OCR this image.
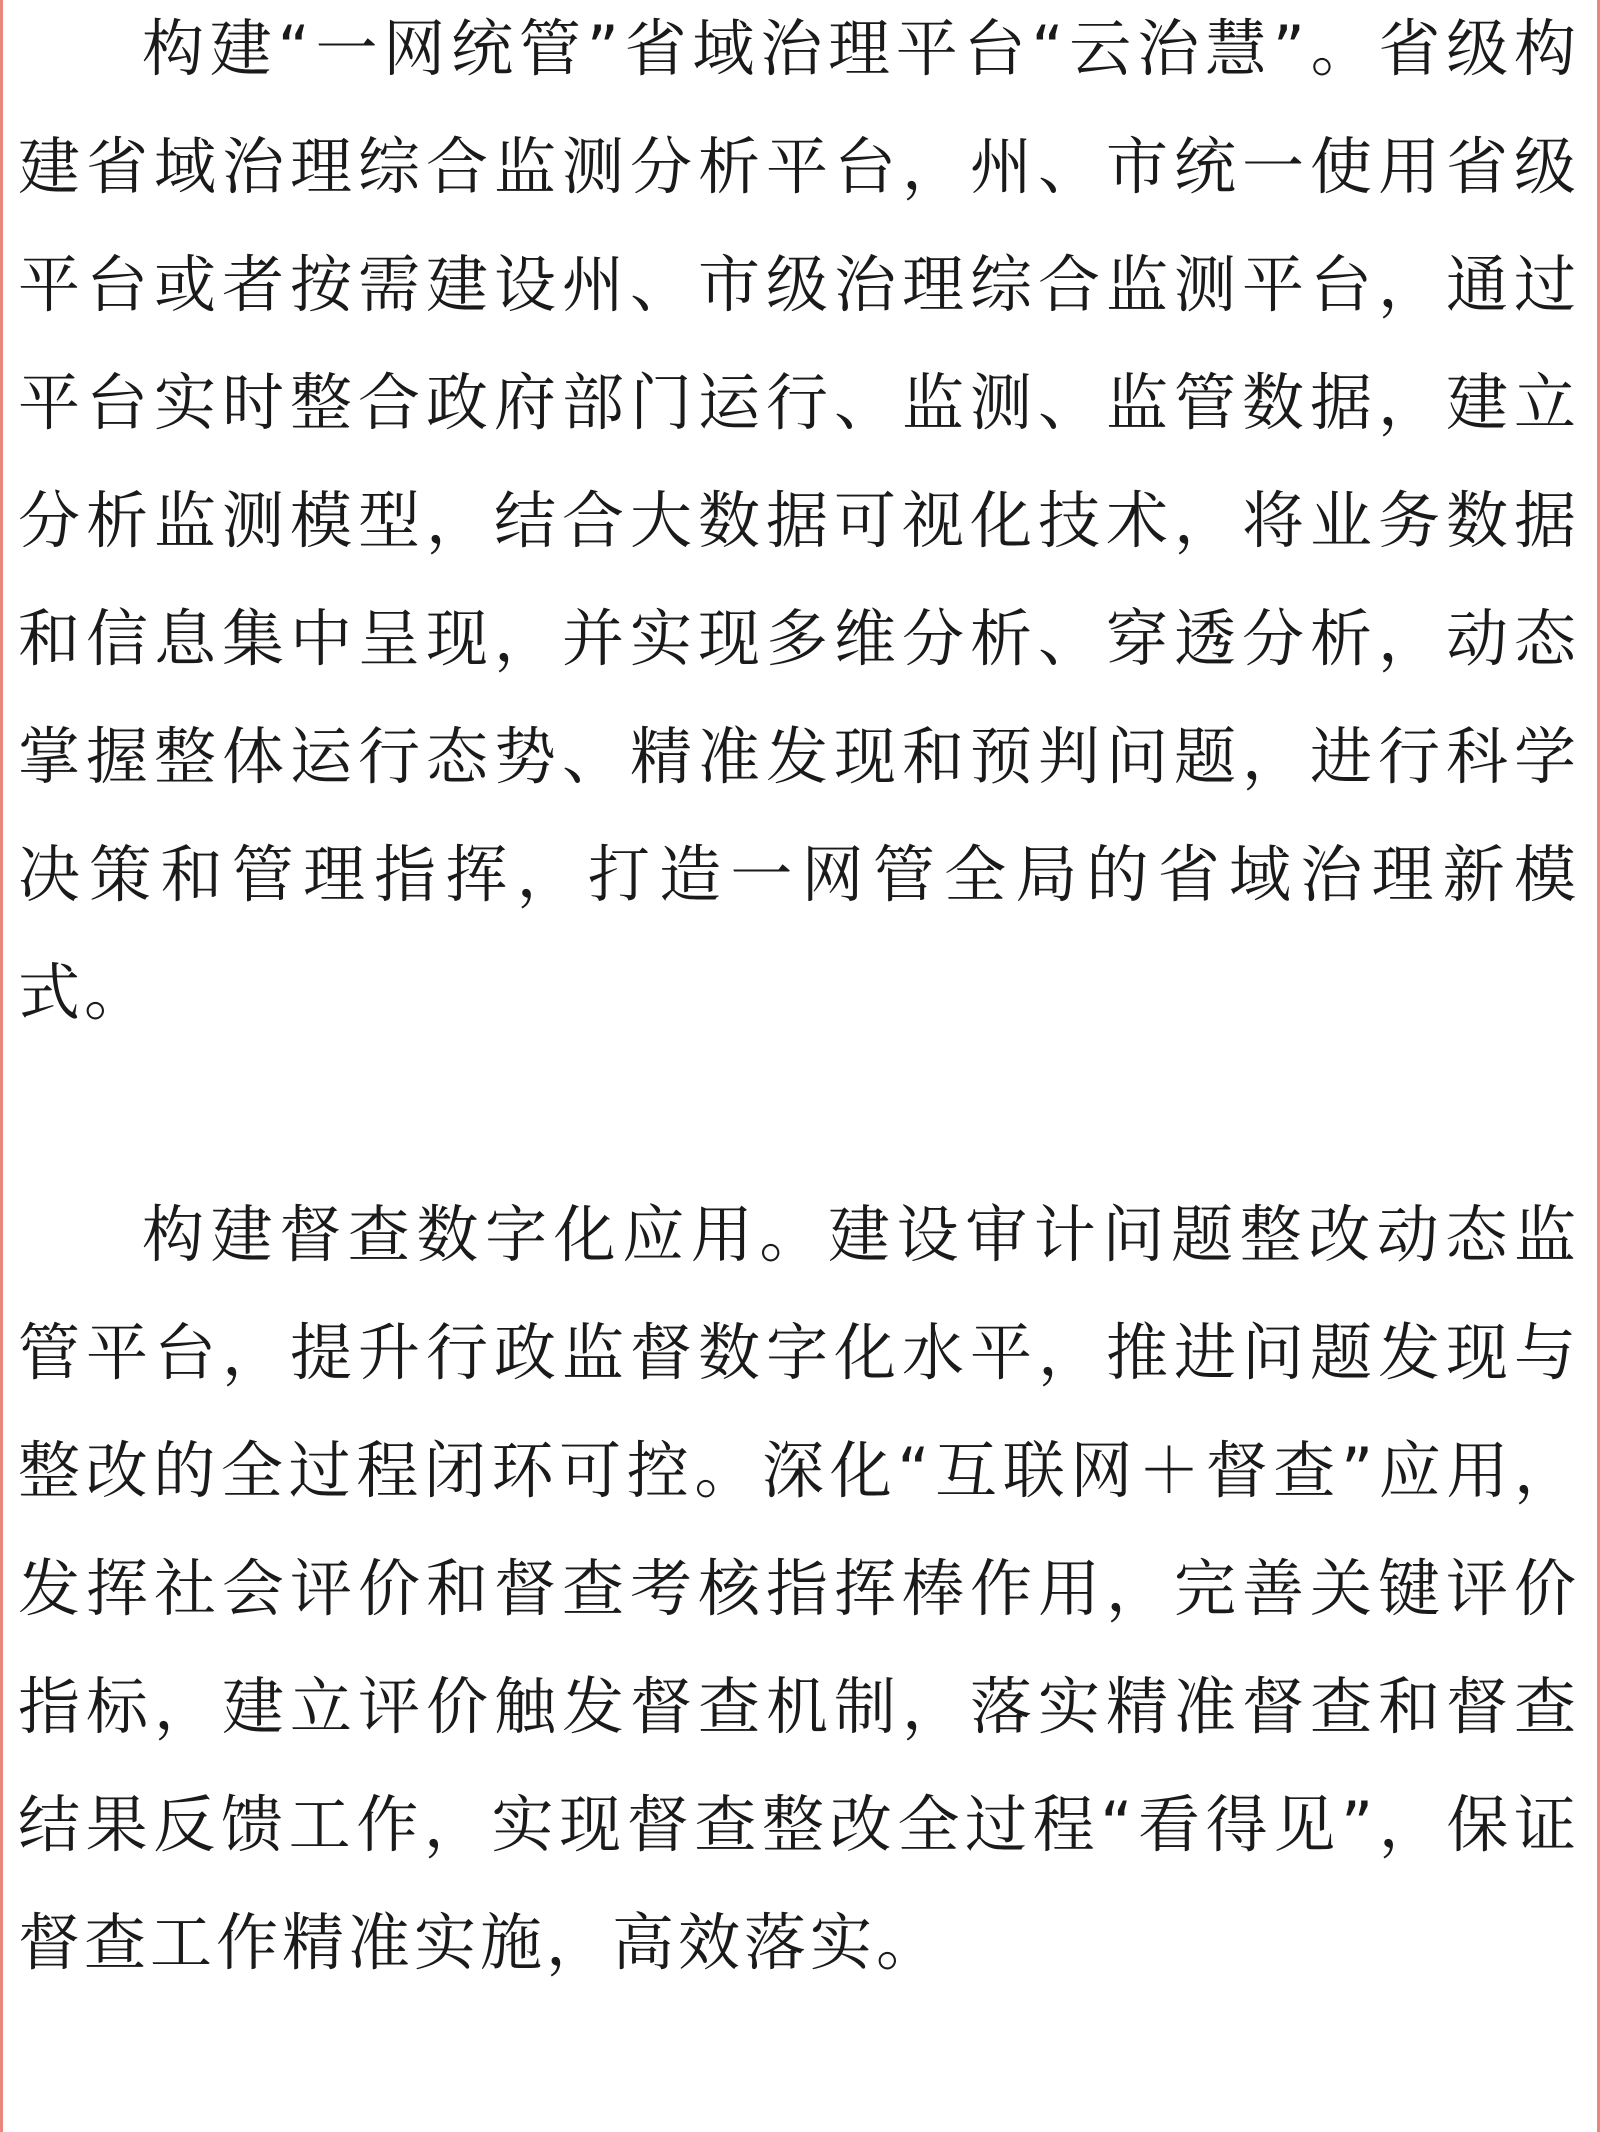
构建“一网统管”省域治理平台“云治慧”。省级构建省域治理综合监测分析平台，州、市统一使用省级平台或者按需建设州、市级治理综合监测平台，通过平台实时整合政府部门运行、监测、监管数据，建立分析监测模型，结合大数据可视化技术，将业务数据和信息集中呈现，并实现多维分析、穿透分析，动态掌握整体运行态势、精准发现和预判问题，进行科学决策和管理指挥，打造一网管全局的省域治理新模式。

构建督查数字化应用。建设审计问题整改动态监管平台，提升行政监督数字化水平，推进问题发现与整改的全过程闭环可控。深化“互联网＋督查”应用，发挥社会评价和督查考核指挥棒作用，完善关键评价指标，建立评价触发督查机制，落实精准督查和督查结果反馈工作，实现督查整改全过程“看得见”，保证督查工作精准实施，高效落实。
